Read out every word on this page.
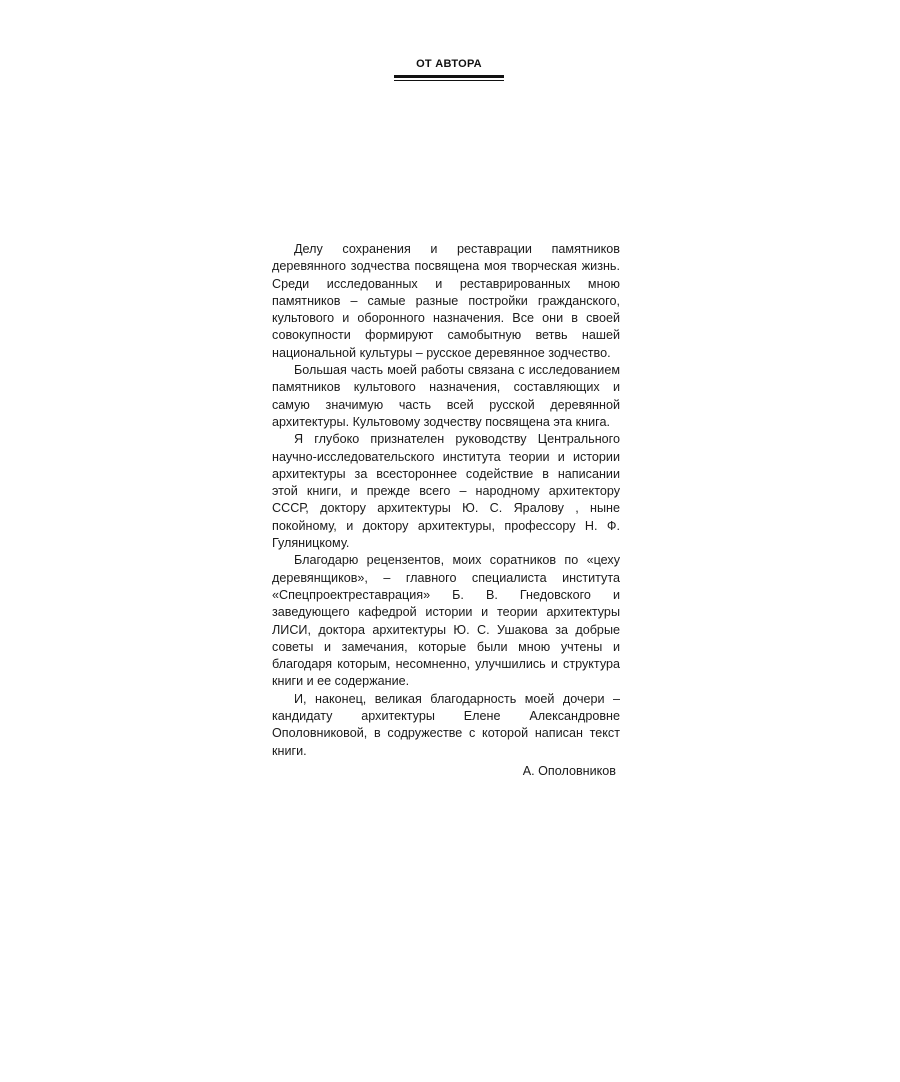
ОТ АВТОРА

Делу сохранения и реставрации памятников деревянного зодчества посвящена моя творческая жизнь. Среди исследованных и реставрированных мною памятников – самые разные постройки гражданского, культового и оборонного назначения. Все они в своей совокупности формируют самобытную ветвь нашей национальной культуры – русское деревянное зодчество.

Большая часть моей работы связана с исследованием памятников культового назначения, составляющих и самую значимую часть всей русской деревянной архитектуры. Культовому зодчеству посвящена эта книга.

Я глубоко признателен руководству Центрального научно-исследовательского института теории и истории архитектуры за всестороннее содействие в написании этой книги, и прежде всего – народному архитектору СССР, доктору архитектуры Ю. С. Яралову , ныне покойному, и доктору архитектуры, профессору Н. Ф. Гуляницкому.

Благодарю рецензентов, моих соратников по «цеху деревянщиков», – главного специалиста института «Спецпроектреставрация» Б. В. Гнедовского и заведующего кафедрой истории и теории архитектуры ЛИСИ, доктора архитектуры Ю. С. Ушакова за добрые советы и замечания, которые были мною учтены и благодаря которым, несомненно, улучшились и структура книги и ее содержание.

И, наконец, великая благодарность моей дочери – кандидату архитектуры Елене Александровне Ополовниковой, в содружестве с которой написан текст книги.

А. Ополовников
